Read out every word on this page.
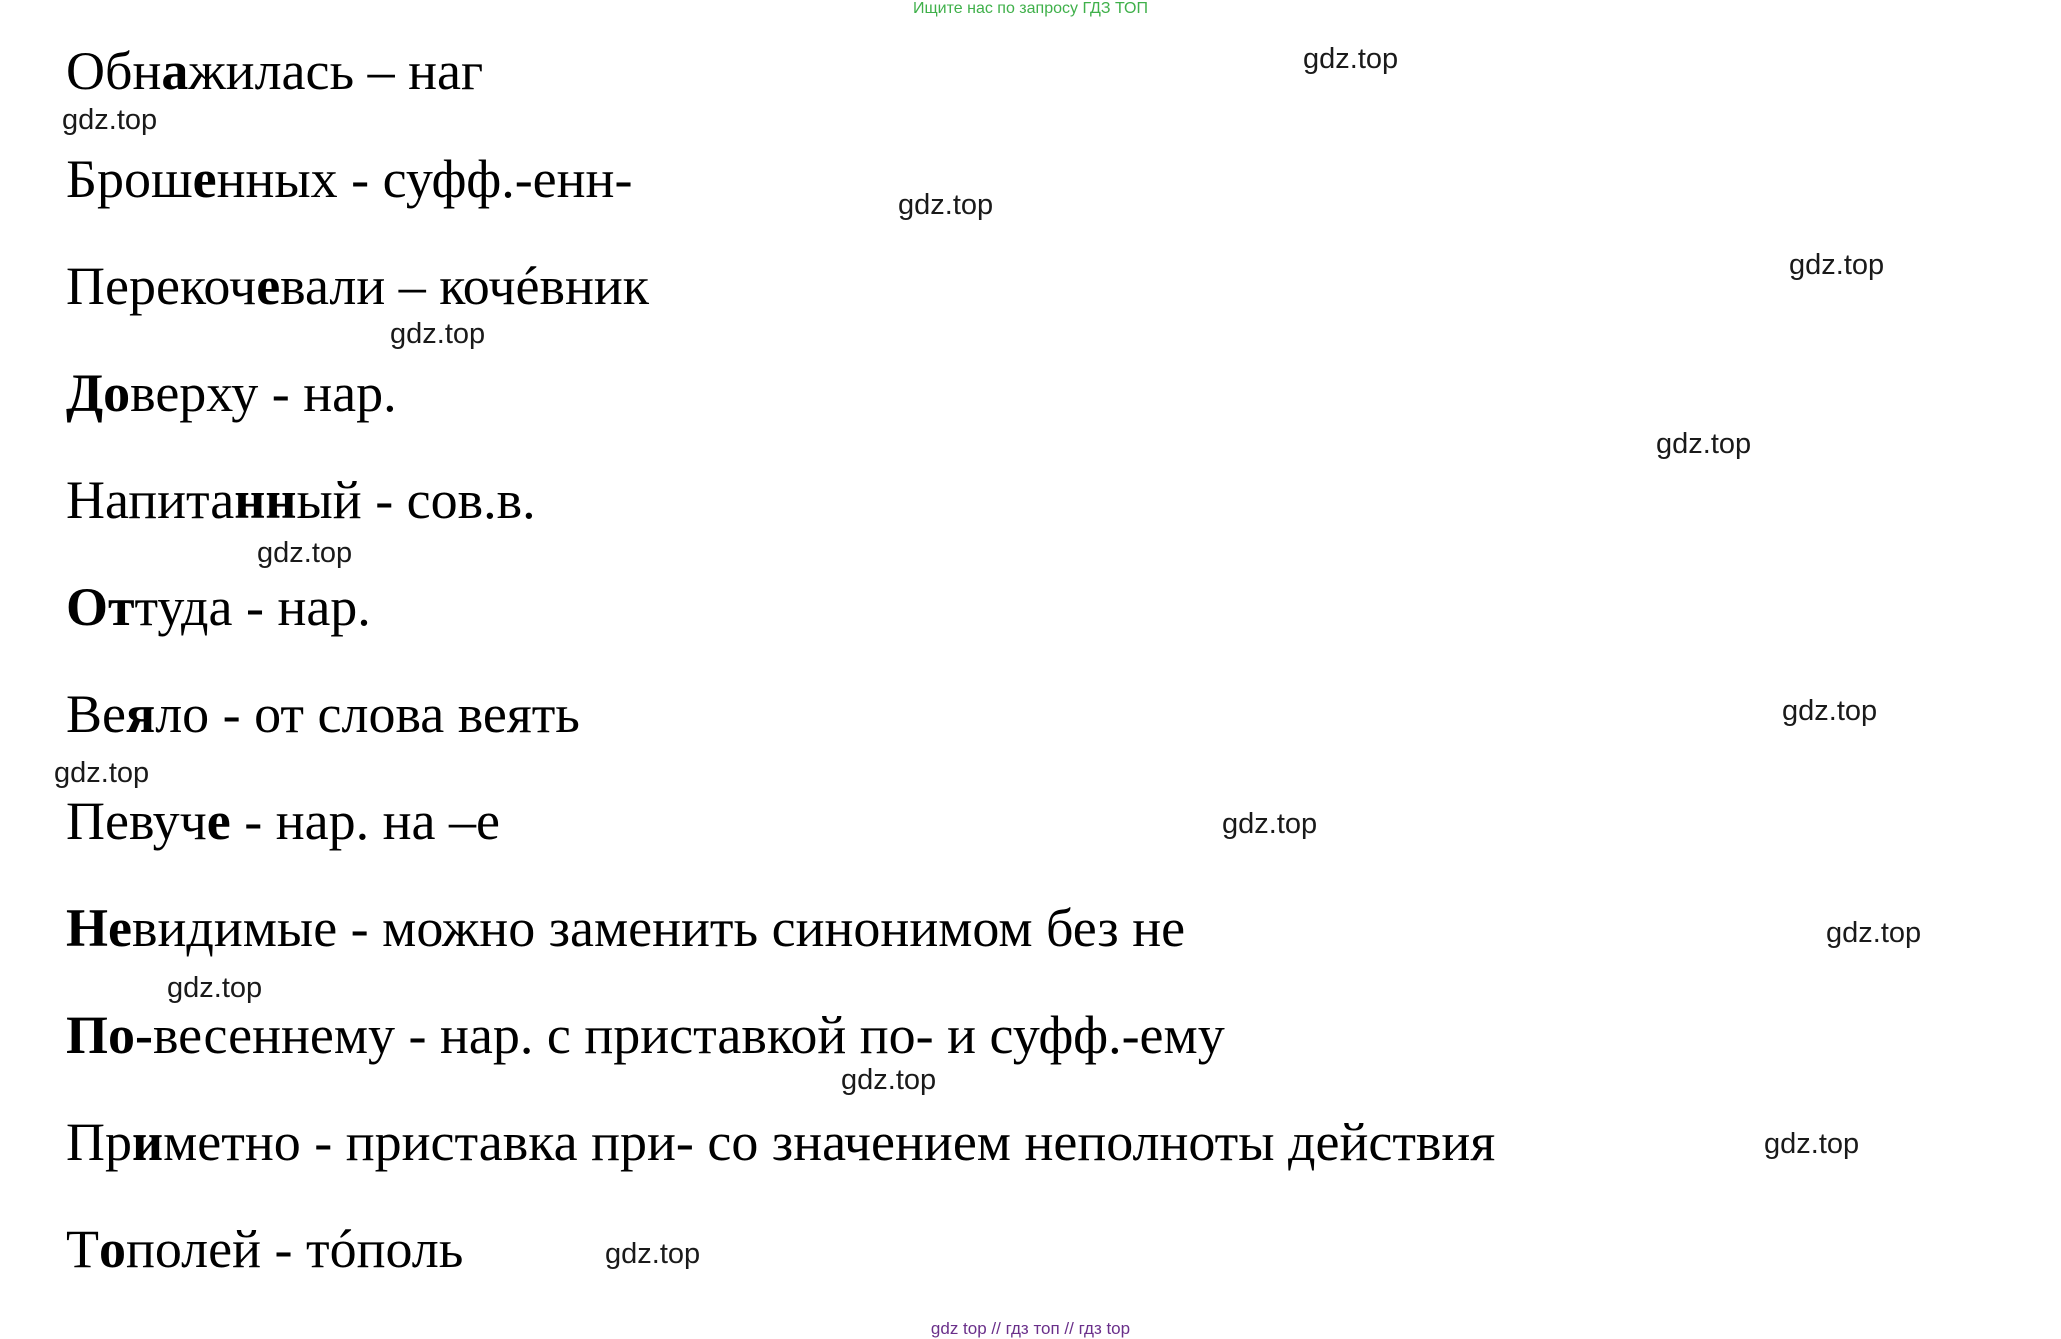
Ищите нас по запросу ГДЗ ТОП
Обнажилась – наг
Брошенных - суфф.-енн-
Перекочевали – кочéвник
Доверху - нар.
Напитанный - сов.в.
Оттуда - нар.
Веяло - от слова веять
Певуче - нар. на –е
Невидимые - можно заменить синонимом без не
По-весеннему - нар. с приставкой по- и суфф.-ему
Приметно - приставка при- со значением неполноты действия
Тополей - тóполь
gdz.top
gdz.top
gdz.top
gdz.top
gdz.top
gdz.top
gdz.top
gdz.top
gdz.top
gdz.top
gdz.top
gdz.top
gdz.top
gdz.top
gdz.top
gdz top // гдз топ // гдз top
